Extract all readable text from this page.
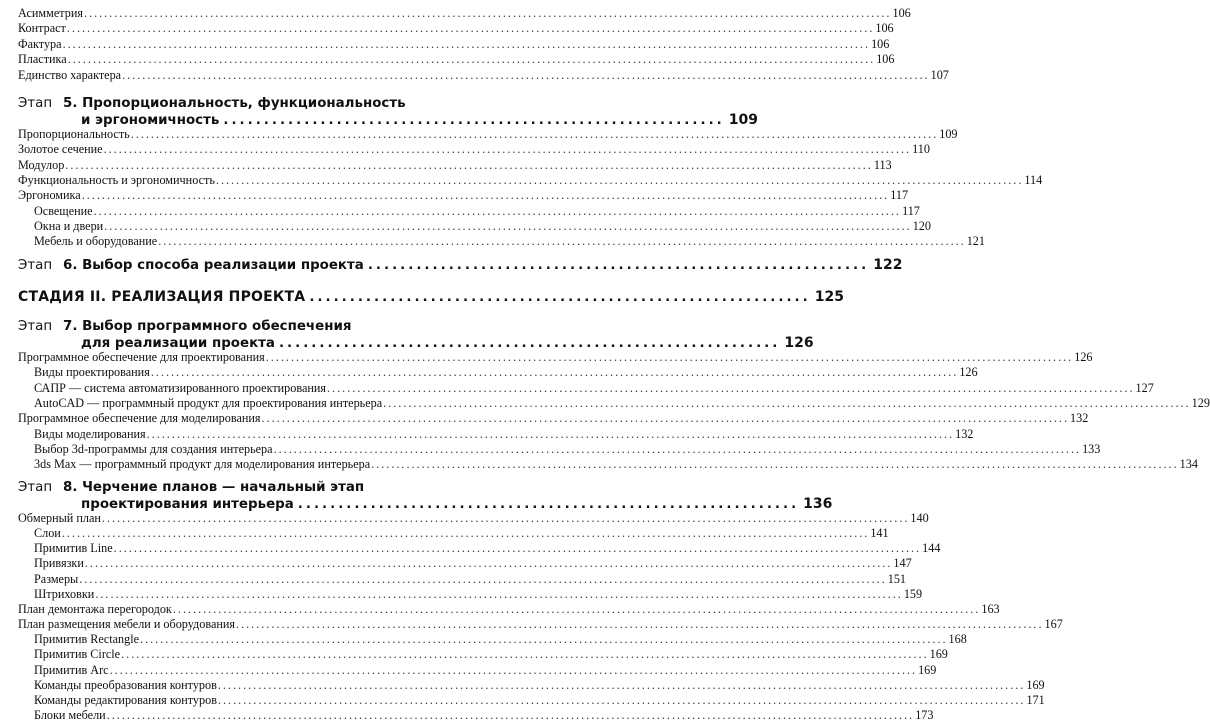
Этап 5. Пропорциональность, функциональность
и эргономичность .............................................................. 109
Этап 6. Выбор способа реализации проекта .............................................................. 122
СТАДИЯ II. РЕАЛИЗАЦИЯ ПРОЕКТА .............................................................. 125
Этап 7. Выбор программного обеспечения
для реализации проекта .............................................................. 126
Этап 8. Черчение планов — начальный этап
проектирования интерьера .............................................................. 136
Асимметрия ................................................................................................................................................................ 106
Контраст ................................................................................................................................................................ 106
Фактура ................................................................................................................................................................ 106
Пластика ................................................................................................................................................................ 106
Единство характера ................................................................................................................................................................ 107
Пропорциональность ................................................................................................................................................................ 109
Золотое сечение ................................................................................................................................................................ 110
Модулор ................................................................................................................................................................ 113
Функциональность и эргономичность ................................................................................................................................................................ 114
Эргономика ................................................................................................................................................................ 117
Освещение ................................................................................................................................................................ 117
Окна и двери ................................................................................................................................................................ 120
Мебель и оборудование ................................................................................................................................................................ 121
Программное обеспечение для проектирования ................................................................................................................................................................ 126
Виды проектирования ................................................................................................................................................................ 126
САПР — система автоматизированного проектирования ................................................................................................................................................................ 127
AutoCAD — программный продукт для проектирования интерьера ................................................................................................................................................................ 129
Программное обеспечение для моделирования ................................................................................................................................................................ 132
Виды моделирования ................................................................................................................................................................ 132
Выбор 3d-программы для создания интерьера ................................................................................................................................................................ 133
3ds Max — программный продукт для моделирования интерьера ................................................................................................................................................................ 134
Обмерный план ................................................................................................................................................................ 140
Слои ................................................................................................................................................................ 141
Примитив Line ................................................................................................................................................................ 144
Привязки ................................................................................................................................................................ 147
Размеры ................................................................................................................................................................ 151
Штриховки ................................................................................................................................................................ 159
План демонтажа перегородок ................................................................................................................................................................ 163
План размещения мебели и оборудования ................................................................................................................................................................ 167
Примитив Rectangle ................................................................................................................................................................ 168
Примитив Circle ................................................................................................................................................................ 169
Примитив Arc ................................................................................................................................................................ 169
Команды преобразования контуров ................................................................................................................................................................ 169
Команды редактирования контуров ................................................................................................................................................................ 171
Блоки мебели ................................................................................................................................................................ 173
